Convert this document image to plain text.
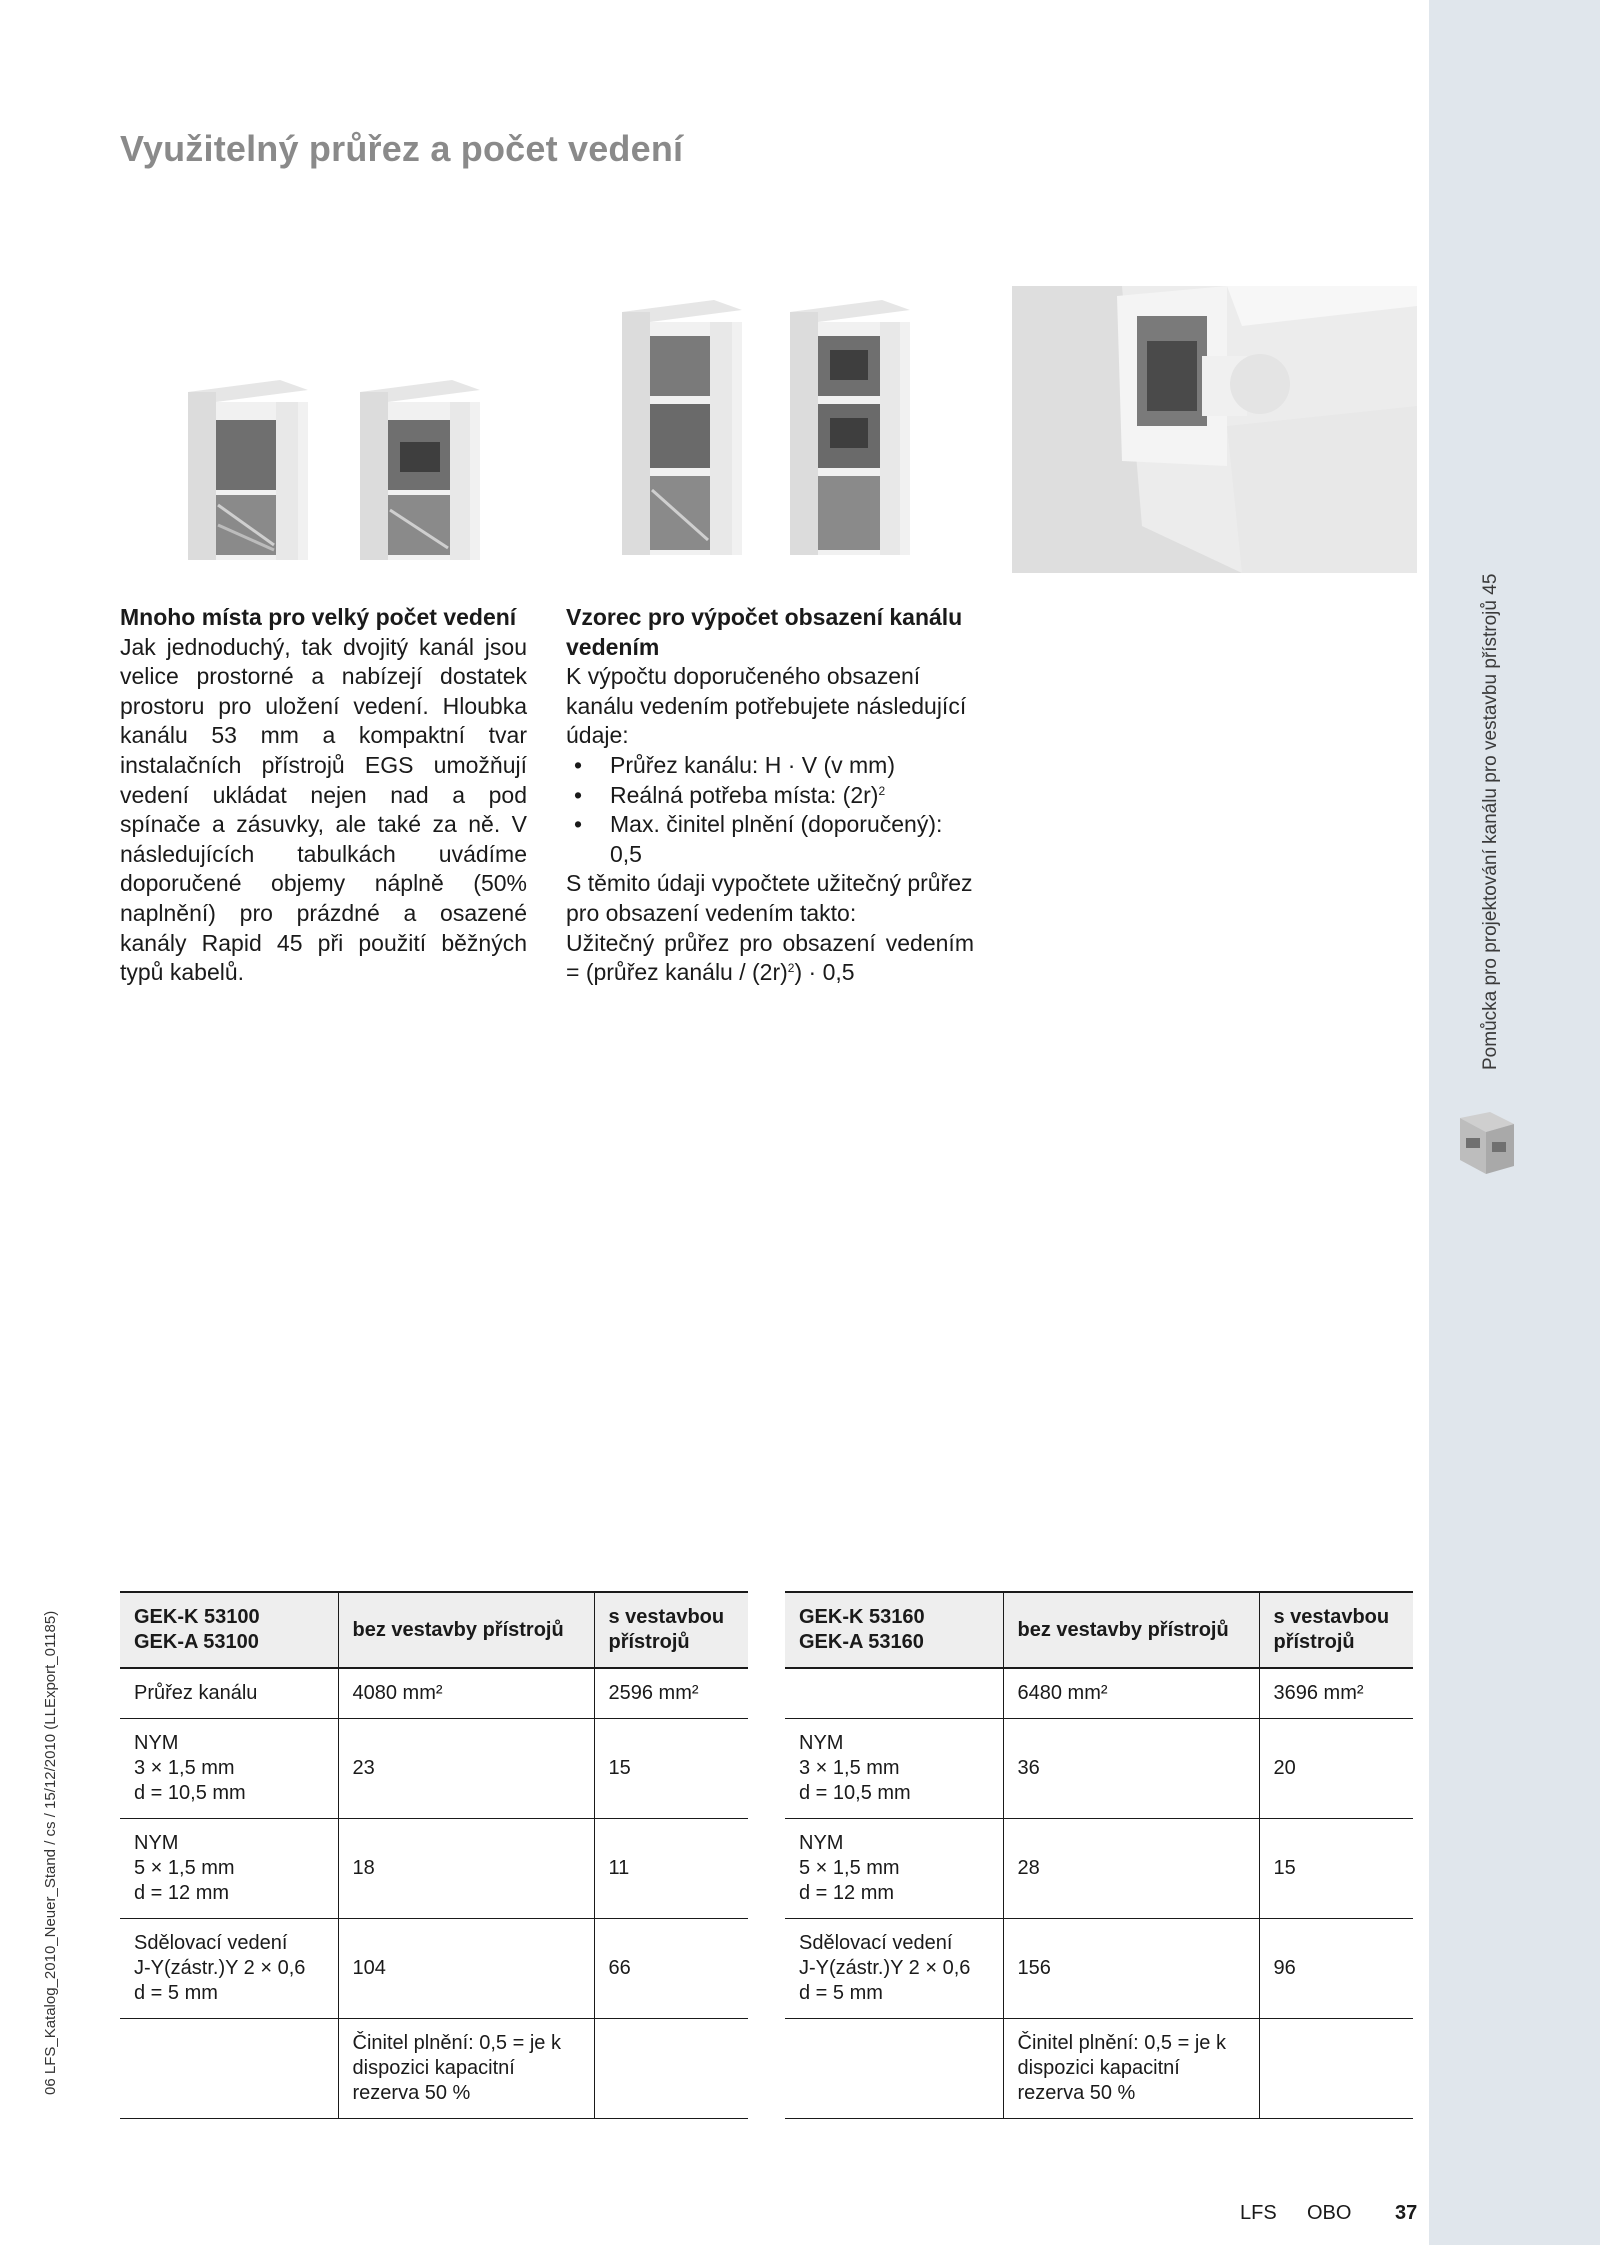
06 LFS_Katalog_2010_Neuer_Stand / cs / 15/12/2010 (LLExport_01185)
Využitelný průřez a počet vedení
Mnoho místa pro velký počet vedení

Jak jednoduchý, tak dvojitý kanál jsou velice prostorné a nabízejí dostatek prostoru pro uložení vedení. Hloubka kanálu 53 mm a kompaktní tvar instalačních přístrojů EGS umožňují vedení ukládat nejen nad a pod spínače a zásuvky, ale také za ně. V následujících tabulkách uvádíme doporučené objemy náplně (50% naplnění) pro prázdné a osazené kanály Rapid 45 při použití běžných typů kabelů.

Vzorec pro výpočet obsazení kanálu vedením

K výpočtu doporučeného obsazení kanálu vedením potřebujete následující údaje:

• Průřez kanálu: H · V (v mm)
• Reálná potřeba místa: $(2r)^2$
• Max. činitel plnění (doporučený): 0,5

S těmito údaji vypočtete užitečný průřez pro obsazení vedením takto:

Užitečný průřez pro obsazení vedením = (průřez kanálu / $(2r)^2) \cdot 0,5$

GEK-K 53100
GEK-A 53100	bez vestavby přístrojů	s vestavbou
přístrojů
Průřez kanálu	4080 mm²	2596 mm²
NYM
3 × 1,5 mm
d = 10,5 mm	23	15
NYM
5 × 1,5 mm
d = 12 mm	18	11
Sdělovací vedení
J-Y(zástr.)Y 2 × 0,6
d = 5 mm	104	66
	Činitel plnění: 0,5 = je k dispozici kapacitní rezerva 50 %	
GEK-K 53160
GEK-A 53160	bez vestavby přístrojů	s vestavbou
přístrojů
	6480 mm²	3696 mm²
NYM
3 × 1,5 mm
d = 10,5 mm	36	20
NYM
5 × 1,5 mm
d = 12 mm	28	15
Sdělovací vedení
J-Y(zástr.)Y 2 × 0,6
d = 5 mm	156	96
	Činitel plnění: 0,5 = je k dispozici kapacitní rezerva 50 %	
LFS OBO 37
